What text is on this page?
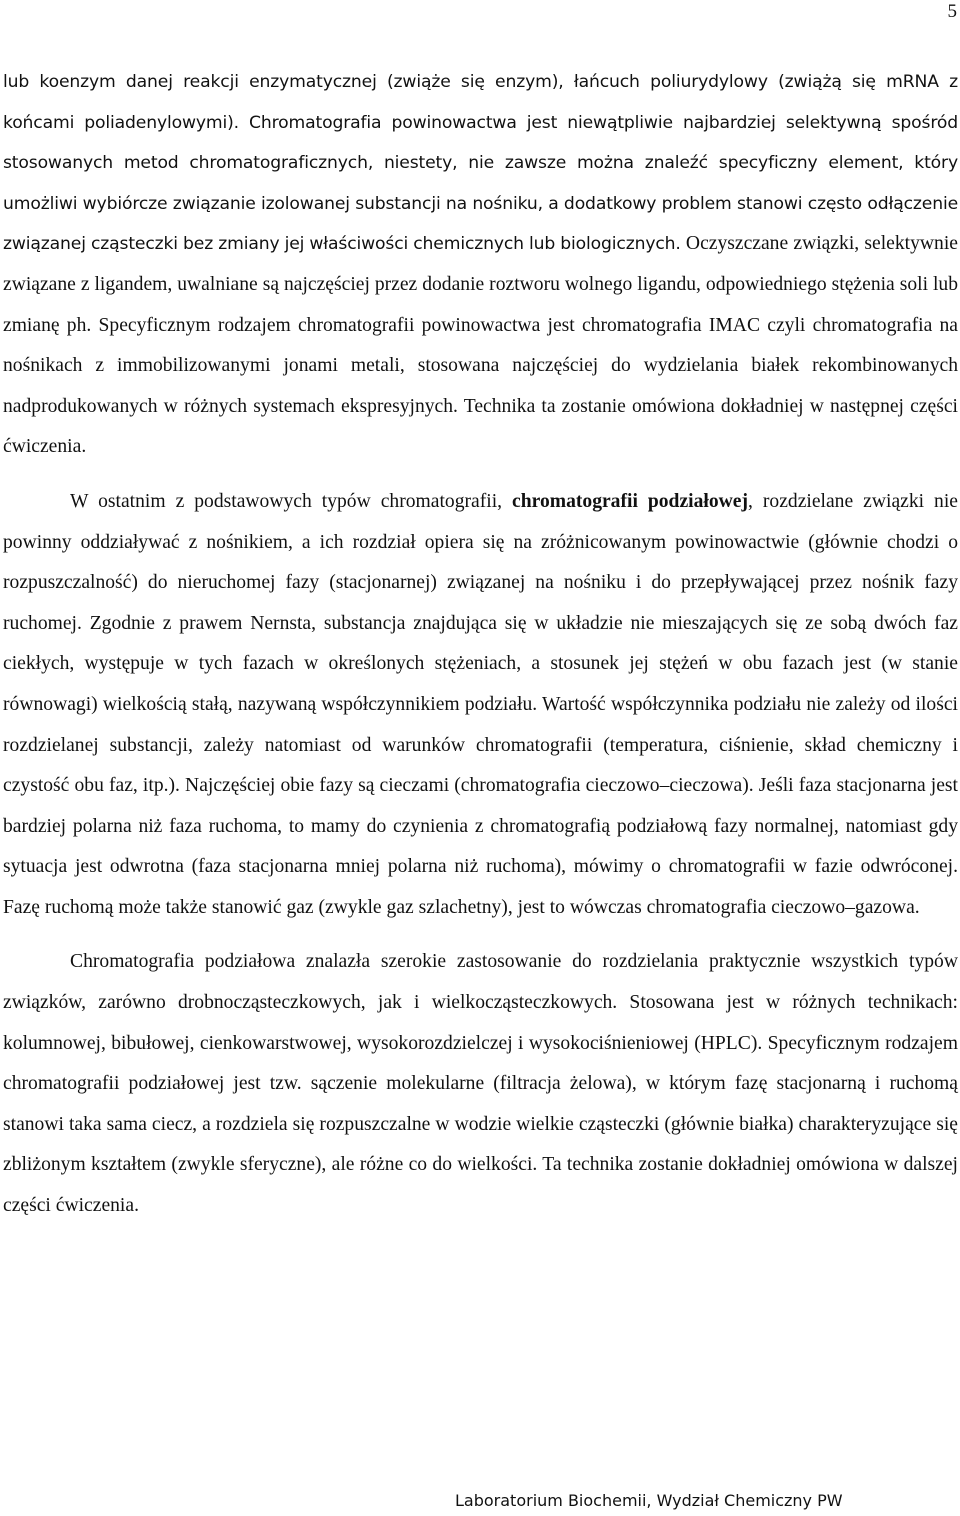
5

lub koenzym danej reakcji enzymatycznej (zwiąże się enzym), łańcuch poliurydylowy (zwiążą się mRNA z końcami poliadenylowymi). Chromatografia powinowactwa jest niewątpliwie najbardziej selektywną spośród stosowanych metod chromatograficznych, niestety, nie zawsze można znaleźć specyficzny element, który umożliwi wybiórcze związanie izolowanej substancji na nośniku, a dodatkowy problem stanowi często odłączenie związanej cząsteczki bez zmiany jej właściwości chemicznych lub biologicznych. Oczyszczane związki, selektywnie związane z ligandem, uwalniane są najczęściej przez dodanie roztworu wolnego ligandu, odpowiedniego stężenia soli lub zmianę ph. Specyficznym rodzajem chromatografii powinowactwa jest chromatografia IMAC czyli chromatografia na nośnikach z immobilizowanymi jonami metali, stosowana najczęściej do wydzielania białek rekombinowanych nadprodukowanych w różnych systemach ekspresyjnych. Technika ta zostanie omówiona dokładniej w następnej części ćwiczenia.

W ostatnim z podstawowych typów chromatografii, chromatografii podziałowej, rozdzielane związki nie powinny oddziaływać z nośnikiem, a ich rozdział opiera się na zróżnicowanym powinowactwie (głównie chodzi o rozpuszczalność) do nieruchomej fazy (stacjonarnej) związanej na nośniku i do przepływającej przez nośnik fazy ruchomej. Zgodnie z prawem Nernsta, substancja znajdująca się w układzie nie mieszających się ze sobą dwóch faz ciekłych, występuje w tych fazach w określonych stężeniach, a stosunek jej stężeń w obu fazach jest (w stanie równowagi) wielkością stałą, nazywaną współczynnikiem podziału. Wartość współczynnika podziału nie zależy od ilości rozdzielanej substancji, zależy natomiast od warunków chromatografii (temperatura, ciśnienie, skład chemiczny i czystość obu faz, itp.). Najczęściej obie fazy są cieczami (chromatografia cieczowo–cieczowa). Jeśli faza stacjonarna jest bardziej polarna niż faza ruchoma, to mamy do czynienia z chromatografią podziałową fazy normalnej, natomiast gdy sytuacja jest odwrotna (faza stacjonarna mniej polarna niż ruchoma), mówimy o chromatografii w fazie odwróconej. Fazę ruchomą może także stanowić gaz (zwykle gaz szlachetny), jest to wówczas chromatografia cieczowo–gazowa.

Chromatografia podziałowa znalazła szerokie zastosowanie do rozdzielania praktycznie wszystkich typów związków, zarówno drobnocząsteczkowych, jak i wielkocząsteczkowych. Stosowana jest w różnych technikach: kolumnowej, bibułowej, cienkowarstwowej, wysokorozdzielczej i wysokociśnieniowej (HPLC). Specyficznym rodzajem chromatografii podziałowej jest tzw. sączenie molekularne (filtracja żelowa), w którym fazę stacjonarną i ruchomą stanowi taka sama ciecz, a rozdziela się rozpuszczalne w wodzie wielkie cząsteczki (głównie białka) charakteryzujące się zbliżonym kształtem (zwykle sferyczne), ale różne co do wielkości. Ta technika zostanie dokładniej omówiona w dalszej części ćwiczenia.

Laboratorium Biochemii, Wydział Chemiczny PW
